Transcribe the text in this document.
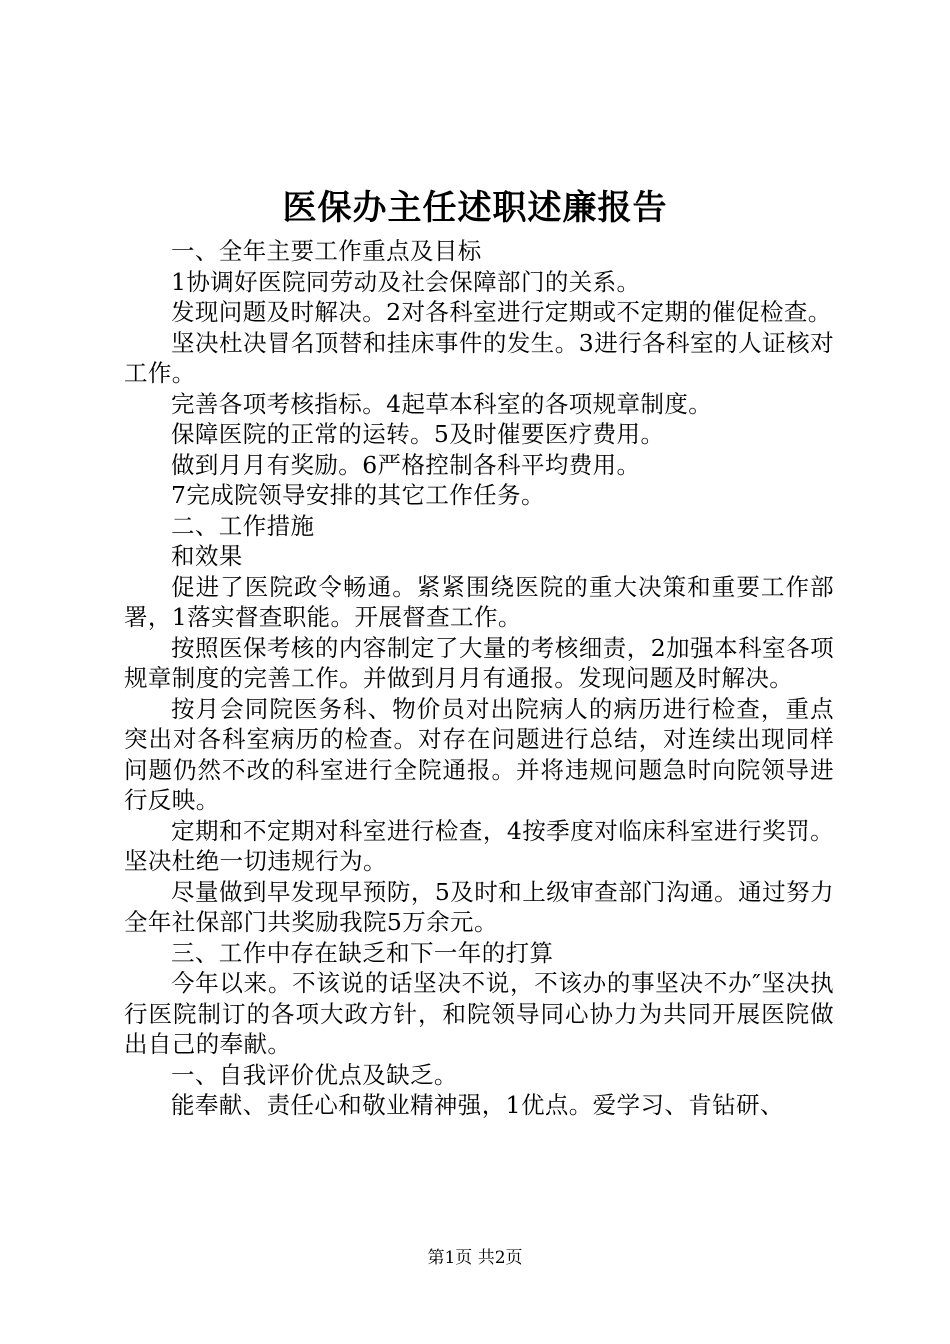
医保办主任述职述廉报告

一、全年主要工作重点及目标

1协调好医院同劳动及社会保障部门的关系。

发现问题及时解决。2对各科室进行定期或不定期的催促检查。

坚决杜决冒名顶替和挂床事件的发生。3进行各科室的人证核对工作。

完善各项考核指标。4起草本科室的各项规章制度。

保障医院的正常的运转。5及时催要医疗费用。

做到月月有奖励。6严格控制各科平均费用。

7完成院领导安排的其它工作任务。

二、工作措施

和效果

促进了医院政令畅通。紧紧围绕医院的重大决策和重要工作部署，1落实督查职能。开展督查工作。

按照医保考核的内容制定了大量的考核细责，2加强本科室各项规章制度的完善工作。并做到月月有通报。发现问题及时解决。

按月会同院医务科、物价员对出院病人的病历进行检查，重点突出对各科室病历的检查。对存在问题进行总结，对连续出现同样问题仍然不改的科室进行全院通报。并将违规问题急时向院领导进行反映。

定期和不定期对科室进行检查，4按季度对临床科室进行奖罚。坚决杜绝一切违规行为。

尽量做到早发现早预防，5及时和上级审查部门沟通。通过努力全年社保部门共奖励我院5万余元。

三、工作中存在缺乏和下一年的打算

今年以来。不该说的话坚决不说，不该办的事坚决不办″坚决执行医院制订的各项大政方针，和院领导同心协力为共同开展医院做出自己的奉献。

一、自我评价优点及缺乏。

能奉献、责任心和敬业精神强，1优点。爱学习、肯钻研、

第1页 共2页
